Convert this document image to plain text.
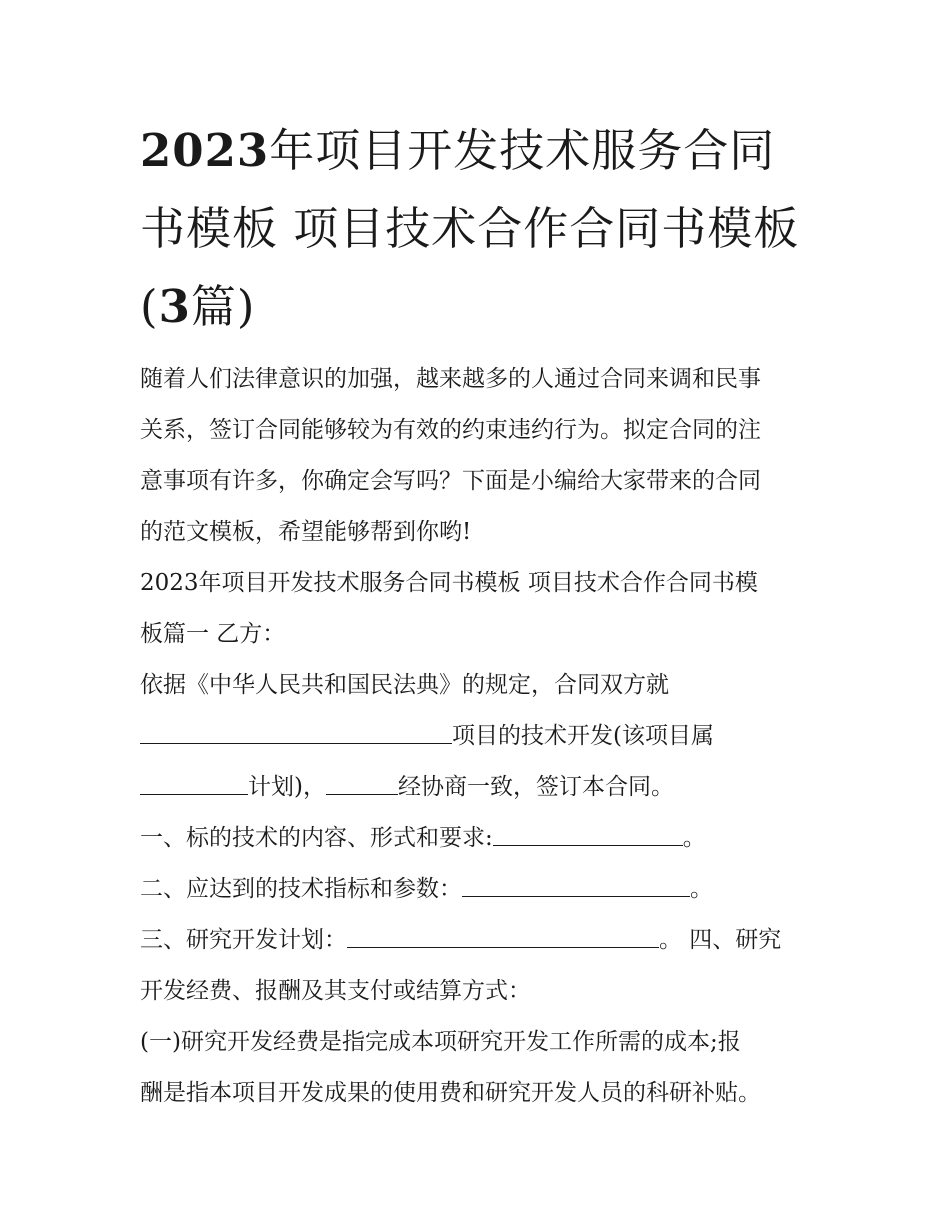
2023年项目开发技术服务合同书模板 项目技术合作合同书模板(3篇)

随着人们法律意识的加强，越来越多的人通过合同来调和民事

关系，签订合同能够较为有效的约束违约行为。拟定合同的注

意事项有许多，你确定会写吗？下面是小编给大家带来的合同

的范文模板，希望能够帮到你哟!

2023年项目开发技术服务合同书模板 项目技术合作合同书模

板篇一 乙方：

依据《中华人民共和国民法典》的规定，合同双方就

项目的技术开发(该项目属

计划)，	经协商一致，签订本合同。

一、标的技术的内容、形式和要求:	。

二、应达到的技术指标和参数：	。

三、研究开发计划：	。 四、研究

开发经费、报酬及其支付或结算方式：

(一)研究开发经费是指完成本项研究开发工作所需的成本;报

酬是指本项目开发成果的使用费和研究开发人员的科研补贴。
